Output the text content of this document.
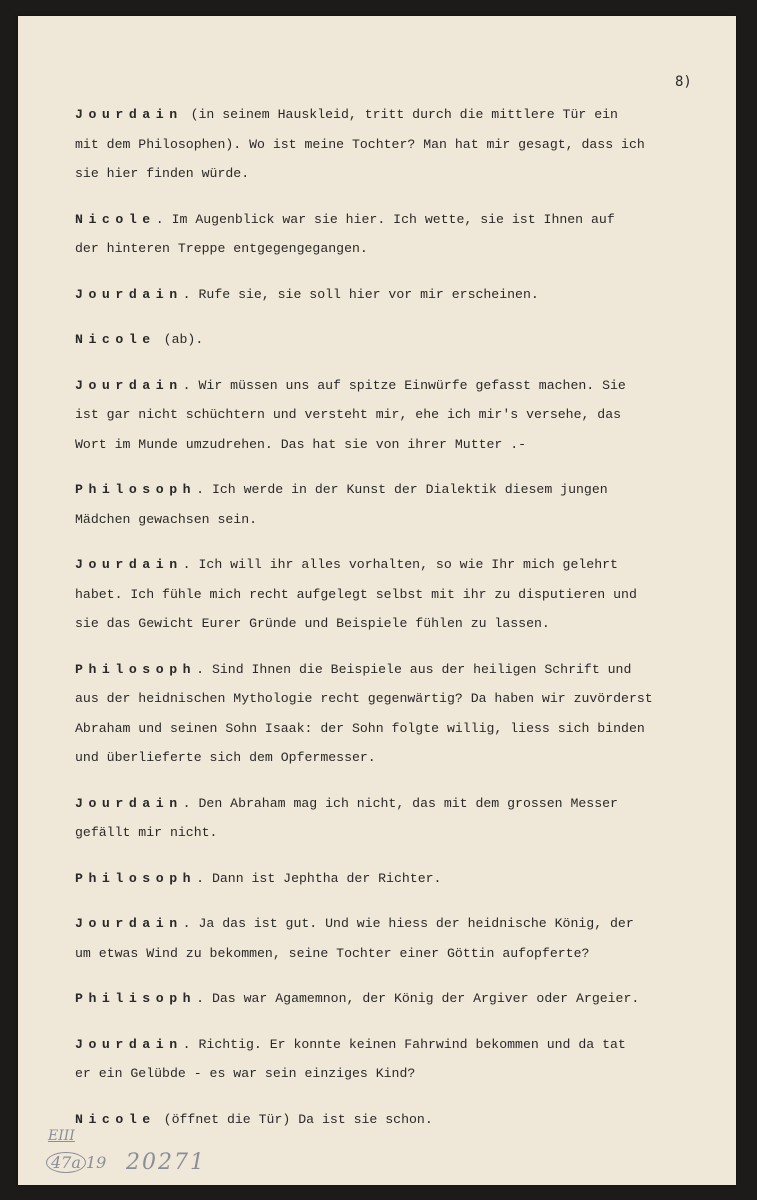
8)
Jourdain (in seinem Hauskleid, tritt durch die mittlere Tür ein
mit dem Philosophen). Wo ist meine Tochter? Man hat mir gesagt, dass ich
sie hier finden würde.
Nicole. Im Augenblick war sie hier. Ich wette, sie ist Ihnen auf
der hinteren Treppe entgegengegangen.
Jourdain. Rufe sie, sie soll hier vor mir erscheinen.
Nicole (ab).
Jourdain. Wir müssen uns auf spitze Einwürfe gefasst machen. Sie
ist gar nicht schüchtern und versteht mir, ehe ich mir's versehe, das
Wort im Munde umzudrehen. Das hat sie von ihrer Mutter .-
Philosoph. Ich werde in der Kunst der Dialektik diesem jungen
Mädchen gewachsen sein.
Jourdain. Ich will ihr alles vorhalten, so wie Ihr mich gelehrt
habet. Ich fühle mich recht aufgelegt selbst mit ihr zu disputieren und
sie das Gewicht Eurer Gründe und Beispiele fühlen zu lassen.
Philosoph. Sind Ihnen die Beispiele aus der heiligen Schrift und
aus der heidnischen Mythologie recht gegenwärtig? Da haben wir zuvörderst
Abraham und seinen Sohn Isaak: der Sohn folgte willig, liess sich binden
und überlieferte sich dem Opfermesser.
Jourdain. Den Abraham mag ich nicht, das mit dem grossen Messer
gefällt mir nicht.
Philosoph. Dann ist Jephtha der Richter.
Jourdain. Ja das ist gut. Und wie hiess der heidnische König, der
um etwas Wind zu bekommen, seine Tochter einer Göttin aufopferte?
Philisoph. Das war Agamemnon, der König der Argiver oder Argeier.
Jourdain. Richtig. Er konnte keinen Fahrwind bekommen und da tat
er ein Gelübde - es war sein einziges Kind?
Nicole (öffnet die Tür) Da ist sie schon.
EIII
47a 19 20271
